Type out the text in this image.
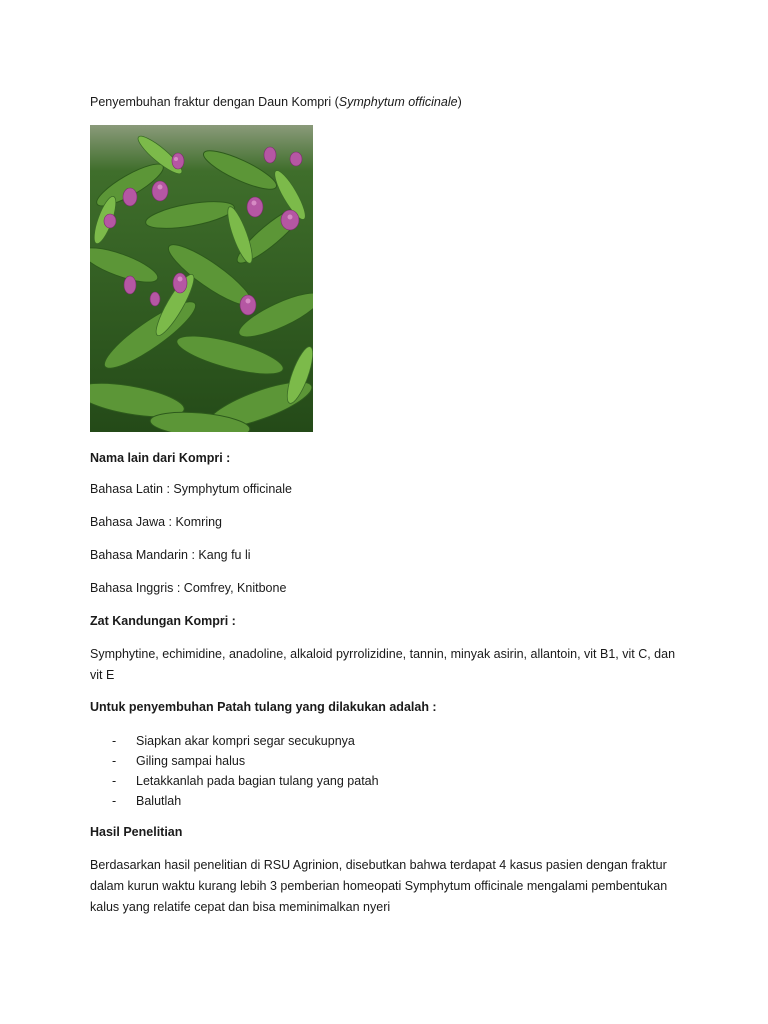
Penyembuhan fraktur dengan Daun Kompri (Symphytum officinale)
Nama lain dari Kompri :
Bahasa Latin : Symphytum officinale
Bahasa Jawa : Komring
Bahasa Mandarin : Kang fu li
Bahasa Inggris : Comfrey, Knitbone
Zat Kandungan Kompri :
Symphytine, echimidine, anadoline, alkaloid pyrrolizidine, tannin, minyak asirin, allantoin, vit B1, vit C, dan vit E
Untuk penyembuhan Patah tulang yang dilakukan adalah :
- Siapkan akar kompri segar secukupnya
- Giling sampai halus
- Letakkanlah pada bagian tulang yang patah
- Balutlah
Hasil Penelitian
Berdasarkan hasil penelitian di RSU Agrinion, disebutkan bahwa terdapat 4 kasus pasien dengan fraktur dalam kurun waktu kurang lebih 3 pemberian homeopati Symphytum officinale mengalami pembentukan kalus yang relatife cepat dan bisa meminimalkan nyeri
